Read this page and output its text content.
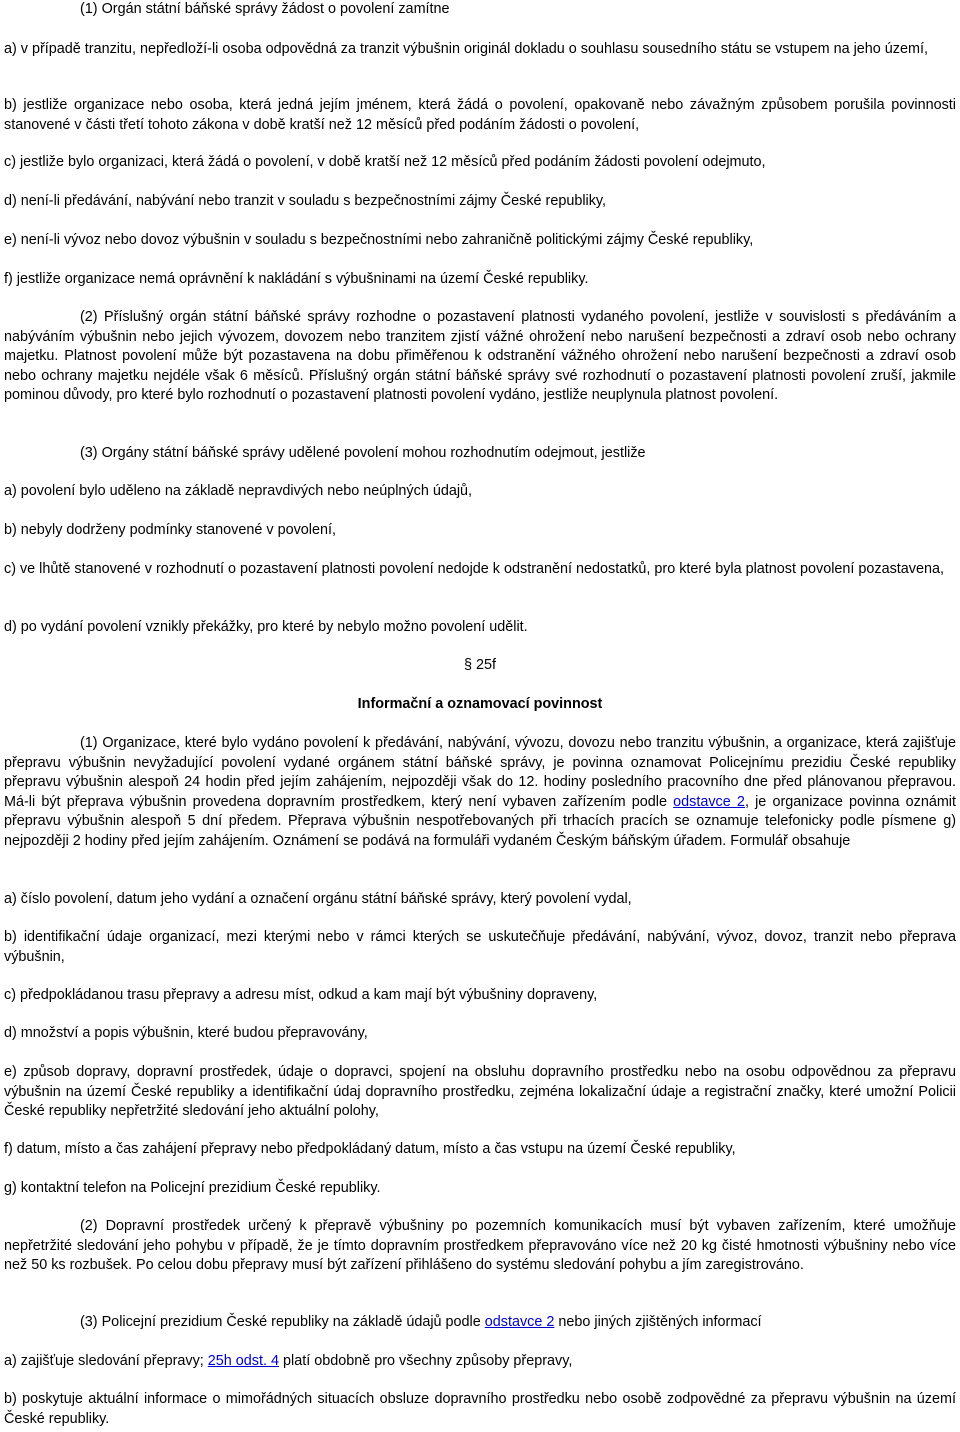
(1) Orgán státní báňské správy žádost o povolení zamítne

a) v případě tranzitu, nepředloží-li osoba odpovědná za tranzit výbušnin originál dokladu o souhlasu sousedního státu se vstupem na jeho území,

b) jestliže organizace nebo osoba, která jedná jejím jménem, která žádá o povolení, opakovaně nebo závažným způsobem porušila povinnosti stanovené v části třetí tohoto zákona v době kratší než 12 měsíců před podáním žádosti o povolení,

c) jestliže bylo organizaci, která žádá o povolení, v době kratší než 12 měsíců před podáním žádosti povolení odejmuto,

d) není-li předávání, nabývání nebo tranzit v souladu s bezpečnostními zájmy České republiky,

e) není-li vývoz nebo dovoz výbušnin v souladu s bezpečnostními nebo zahraničně politickými zájmy České republiky,

f) jestliže organizace nemá oprávnění k nakládání s výbušninami na území České republiky.

(2) Příslušný orgán státní báňské správy rozhodne o pozastavení platnosti vydaného povolení, jestliže v souvislosti s předáváním a nabýváním výbušnin nebo jejich vývozem, dovozem nebo tranzitem zjistí vážné ohrožení nebo narušení bezpečnosti a zdraví osob nebo ochrany majetku. Platnost povolení může být pozastavena na dobu přiměřenou k odstranění vážného ohrožení nebo narušení bezpečnosti a zdraví osob nebo ochrany majetku nejdéle však 6 měsíců. Příslušný orgán státní báňské správy své rozhodnutí o pozastavení platnosti povolení zruší, jakmile pominou důvody, pro které bylo rozhodnutí o pozastavení platnosti povolení vydáno, jestliže neuplynula platnost povolení.

(3) Orgány státní báňské správy udělené povolení mohou rozhodnutím odejmout, jestliže

a) povolení bylo uděleno na základě nepravdivých nebo neúplných údajů,

b) nebyly dodrženy podmínky stanovené v povolení,

c) ve lhůtě stanovené v rozhodnutí o pozastavení platnosti povolení nedojde k odstranění nedostatků, pro které byla platnost povolení pozastavena,

d) po vydání povolení vznikly překážky, pro které by nebylo možno povolení udělit.

§ 25f

Informační a oznamovací povinnost

(1) Organizace, které bylo vydáno povolení k předávání, nabývání, vývozu, dovozu nebo tranzitu výbušnin, a organizace, která zajišťuje přepravu výbušnin nevyžadující povolení vydané orgánem státní báňské správy, je povinna oznamovat Policejnímu prezidiu České republiky přepravu výbušnin alespoň 24 hodin před jejím zahájením, nejpozději však do 12. hodiny posledního pracovního dne před plánovanou přepravou. Má-li být přeprava výbušnin provedena dopravním prostředkem, který není vybaven zařízením podle odstavce 2, je organizace povinna oznámit přepravu výbušnin alespoň 5 dní předem. Přeprava výbušnin nespotřebovaných při trhacích pracích se oznamuje telefonicky podle písmene g) nejpozději 2 hodiny před jejím zahájením. Oznámení se podává na formuláři vydaném Českým báňským úřadem. Formulář obsahuje

a) číslo povolení, datum jeho vydání a označení orgánu státní báňské správy, který povolení vydal,

b) identifikační údaje organizací, mezi kterými nebo v rámci kterých se uskutečňuje předávání, nabývání, vývoz, dovoz, tranzit nebo přeprava výbušnin,

c) předpokládanou trasu přepravy a adresu míst, odkud a kam mají být výbušniny dopraveny,

d) množství a popis výbušnin, které budou přepravovány,

e) způsob dopravy, dopravní prostředek, údaje o dopravci, spojení na obsluhu dopravního prostředku nebo na osobu odpovědnou za přepravu výbušnin na území České republiky a identifikační údaj dopravního prostředku, zejména lokalizační údaje a registrační značky, které umožní Policii České republiky nepřetržité sledování jeho aktuální polohy,

f) datum, místo a čas zahájení přepravy nebo předpokládaný datum, místo a čas vstupu na území České republiky,

g) kontaktní telefon na Policejní prezidium České republiky.

(2) Dopravní prostředek určený k přepravě výbušniny po pozemních komunikacích musí být vybaven zařízením, které umožňuje nepřetržité sledování jeho pohybu v případě, že je tímto dopravním prostředkem přepravováno více než 20 kg čisté hmotnosti výbušniny nebo více než 50 ks rozbušek. Po celou dobu přepravy musí být zařízení přihlášeno do systému sledování pohybu a jím zaregistrováno.

(3) Policejní prezidium České republiky na základě údajů podle odstavce 2 nebo jiných zjištěných informací

a) zajišťuje sledování přepravy; 25h odst. 4 platí obdobně pro všechny způsoby přepravy,

b) poskytuje aktuální informace o mimořádných situacích obsluze dopravního prostředku nebo osobě zodpovědné za přepravu výbušnin na území České republiky.
